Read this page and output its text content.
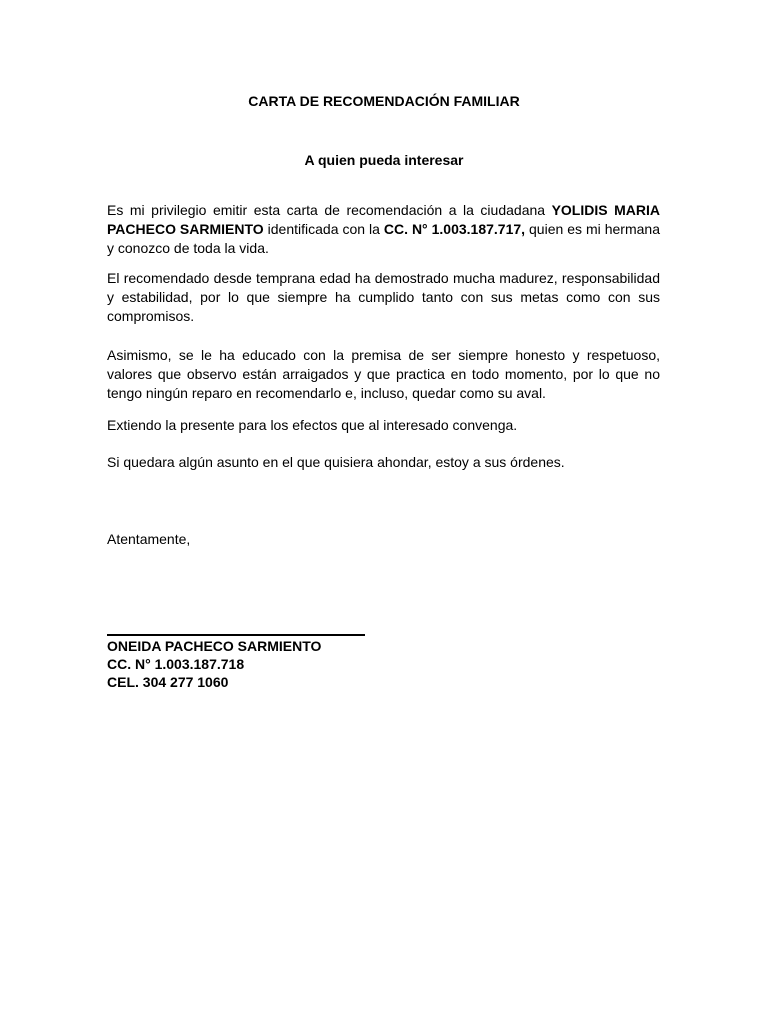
CARTA DE RECOMENDACIÓN FAMILIAR
A quien pueda interesar

Es mi privilegio emitir esta carta de recomendación a la ciudadana YOLIDIS MARIA PACHECO SARMIENTO identificada con la CC. N° 1.003.187.717, quien es mi hermana y conozco de toda la vida.

El recomendado desde temprana edad ha demostrado mucha madurez, responsabilidad y estabilidad, por lo que siempre ha cumplido tanto con sus metas como con sus compromisos.

Asimismo, se le ha educado con la premisa de ser siempre honesto y respetuoso, valores que observo están arraigados y que practica en todo momento, por lo que no tengo ningún reparo en recomendarlo e, incluso, quedar como su aval.

Extiendo la presente para los efectos que al interesado convenga.

Si quedara algún asunto en el que quisiera ahondar, estoy a sus órdenes.

Atentamente,
ONEIDA PACHECO SARMIENTO
CC. N° 1.003.187.718
CEL. 304 277 1060
